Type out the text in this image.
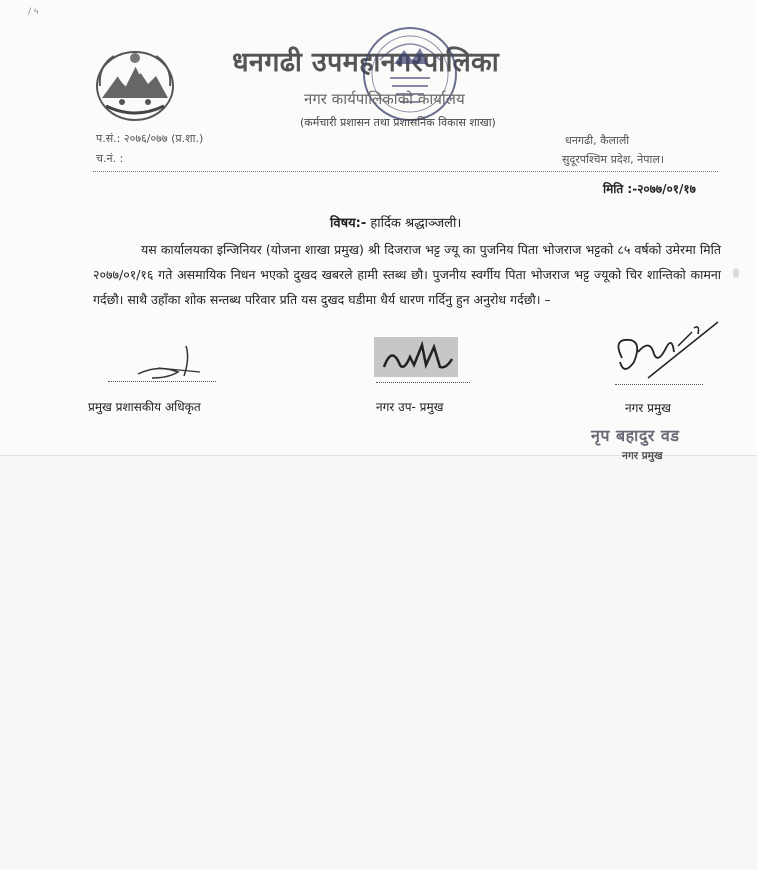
/ ५
धनगढी उपमहानगरपालिका
नगर कार्यपालिकाको कार्यालय
(कर्मचारी प्रशासन तथा प्रशासनिक विकास शाखा)
प.सं.: २०७६/०७७ (प्र.शा.)
च.नं. :
धनगढी, कैलाली
सुदूरपश्चिम प्रदेश, नेपाल।
मिति :-२०७७/०१/१७
विषय:- हार्दिक श्रद्धाञ्जली।

यस कार्यालयका इन्जिनियर (योजना शाखा प्रमुख) श्री दिजराज भट्ट ज्यू का पुजनिय पिता भोजराज भट्टको ८५ वर्षको उमेरमा मिति २०७७/०१/१६ गते असमायिक निधन भएको दुखद खबरले हामी स्तब्ध छौ। पुजनीय स्वर्गीय पिता भोजराज भट्ट ज्यूको चिर शान्तिको कामना गर्दछौ। साथै उहाँका शोक सन्तब्ध परिवार प्रति यस दुखद घडीमा धैर्य धारण गर्दिनु हुन अनुरोध गर्दछौ। –

प्रमुख प्रशासकीय अधिकृत	नगर उप- प्रमुख	नगर प्रमुख
नृप बहादुर वड
नगर प्रमुख
